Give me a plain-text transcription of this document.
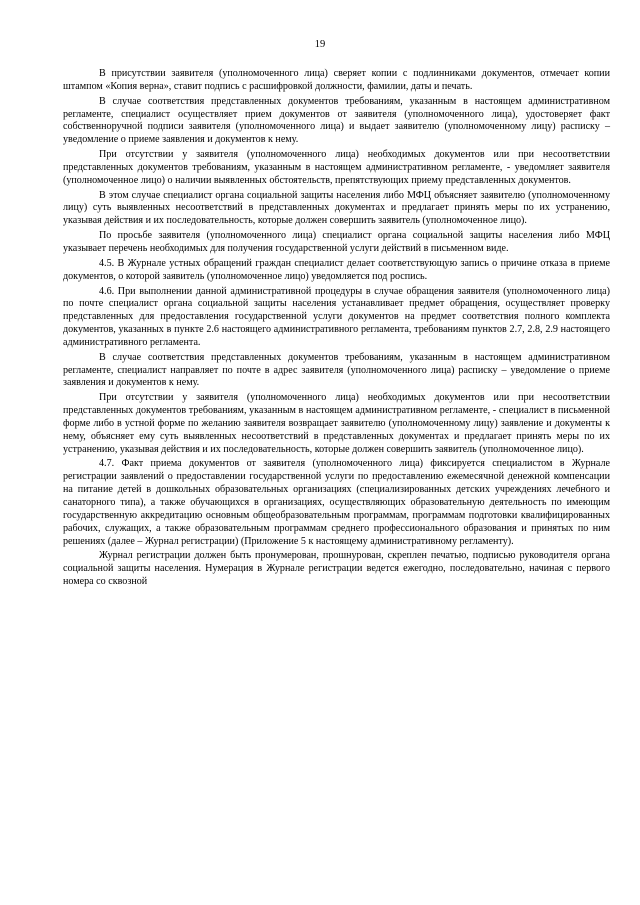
19

В присутствии заявителя (уполномоченного лица) сверяет копии с подлинниками документов, отмечает копии штампом «Копия верна», ставит подпись с расшифровкой должности, фамилии, даты и печать.

В случае соответствия представленных документов требованиям, указанным в настоящем административном регламенте, специалист осуществляет прием документов от заявителя (уполномоченного лица), удостоверяет факт собственноручной подписи заявителя (уполномоченного лица) и выдает заявителю (уполномоченному лицу) расписку – уведомление о приеме заявления и документов к нему.

При отсутствии у заявителя (уполномоченного лица) необходимых документов или при несоответствии представленных документов требованиям, указанным в настоящем административном регламенте, - уведомляет заявителя (уполномоченное лицо) о наличии выявленных обстоятельств, препятствующих приему представленных документов.

В этом случае специалист органа социальной защиты населения либо МФЦ объясняет заявителю (уполномоченному лицу) суть выявленных несоответствий в представленных документах и предлагает принять меры по их устранению, указывая действия и их последовательность, которые должен совершить заявитель (уполномоченное лицо).

По просьбе заявителя (уполномоченного лица) специалист органа социальной защиты населения либо МФЦ указывает перечень необходимых для получения государственной услуги действий в письменном виде.

4.5. В Журнале устных обращений граждан специалист делает соответствующую запись о причине отказа в приеме документов, о которой заявитель (уполномоченное лицо) уведомляется под роспись.

4.6. При выполнении данной административной процедуры в случае обращения заявителя (уполномоченного лица) по почте специалист органа социальной защиты населения устанавливает предмет обращения, осуществляет проверку представленных для предоставления государственной услуги документов на предмет соответствия полного комплекта документов, указанных в пункте 2.6 настоящего административного регламента, требованиям пунктов 2.7, 2.8, 2.9 настоящего административного регламента.

В случае соответствия представленных документов требованиям, указанным в настоящем административном регламенте, специалист направляет по почте в адрес заявителя (уполномоченного лица) расписку – уведомление о приеме заявления и документов к нему.

При отсутствии у заявителя (уполномоченного лица) необходимых документов или при несоответствии представленных документов требованиям, указанным в настоящем административном регламенте, - специалист в письменной форме либо в устной форме по желанию заявителя возвращает заявителю (уполномоченному лицу) заявление и документы к нему, объясняет ему суть выявленных несоответствий в представленных документах и предлагает принять меры по их устранению, указывая действия и их последовательность, которые должен совершить заявитель (уполномоченное лицо).

4.7. Факт приема документов от заявителя (уполномоченного лица) фиксируется специалистом в Журнале регистрации заявлений о предоставлении государственной услуги по предоставлению ежемесячной денежной компенсации на питание детей в дошкольных образовательных организациях (специализированных детских учреждениях лечебного и санаторного типа), а также обучающихся в организациях, осуществляющих образовательную деятельность по имеющим государственную аккредитацию основным общеобразовательным программам, программам подготовки квалифицированных рабочих, служащих, а также образовательным программам среднего профессионального образования и принятых по ним решениях (далее – Журнал регистрации) (Приложение 5 к настоящему административному регламенту).

Журнал регистрации должен быть пронумерован, прошнурован, скреплен печатью, подписью руководителя органа социальной защиты населения. Нумерация в Журнале регистрации ведется ежегодно, последовательно, начиная с первого номера со сквозной
